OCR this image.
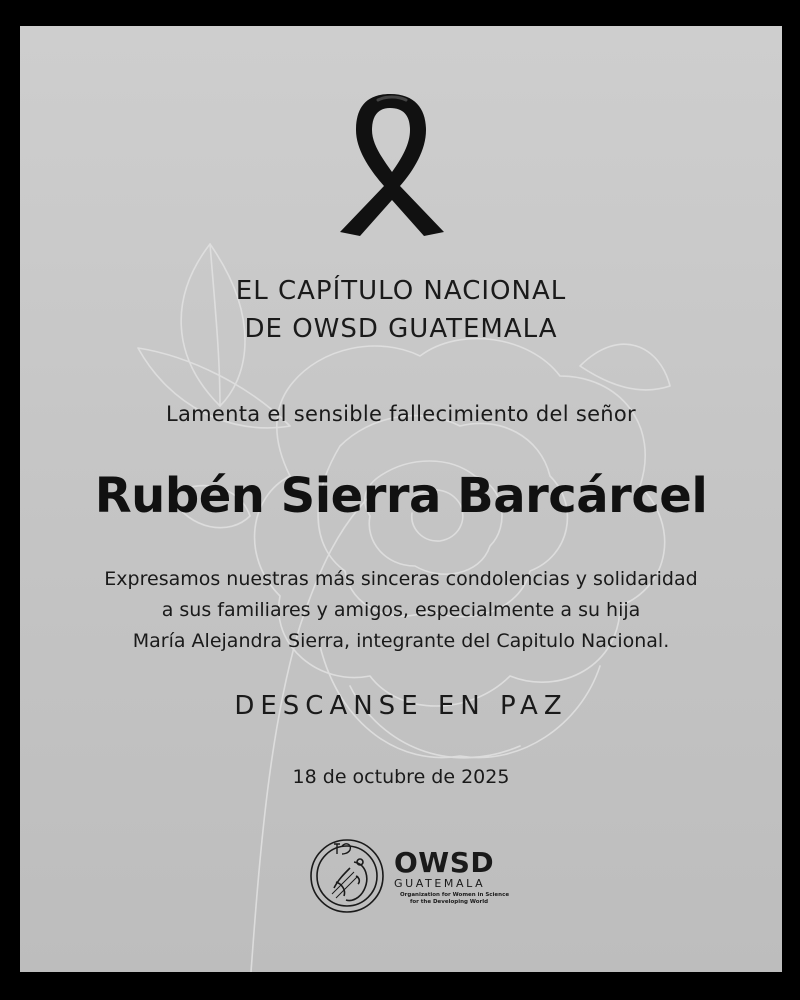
EL CAPÍTULO NACIONAL
DE OWSD GUATEMALA
Lamenta el sensible fallecimiento del señor
Rubén Sierra Barcárcel
Expresamos nuestras más sinceras condolencias y solidaridad
a sus familiares y amigos, especialmente a su hija
María Alejandra Sierra, integrante del Capitulo Nacional.
DESCANSE EN PAZ
18 de octubre de 2025
OWSD
GUATEMALA
Organization for Women in Science
for the Developing World
